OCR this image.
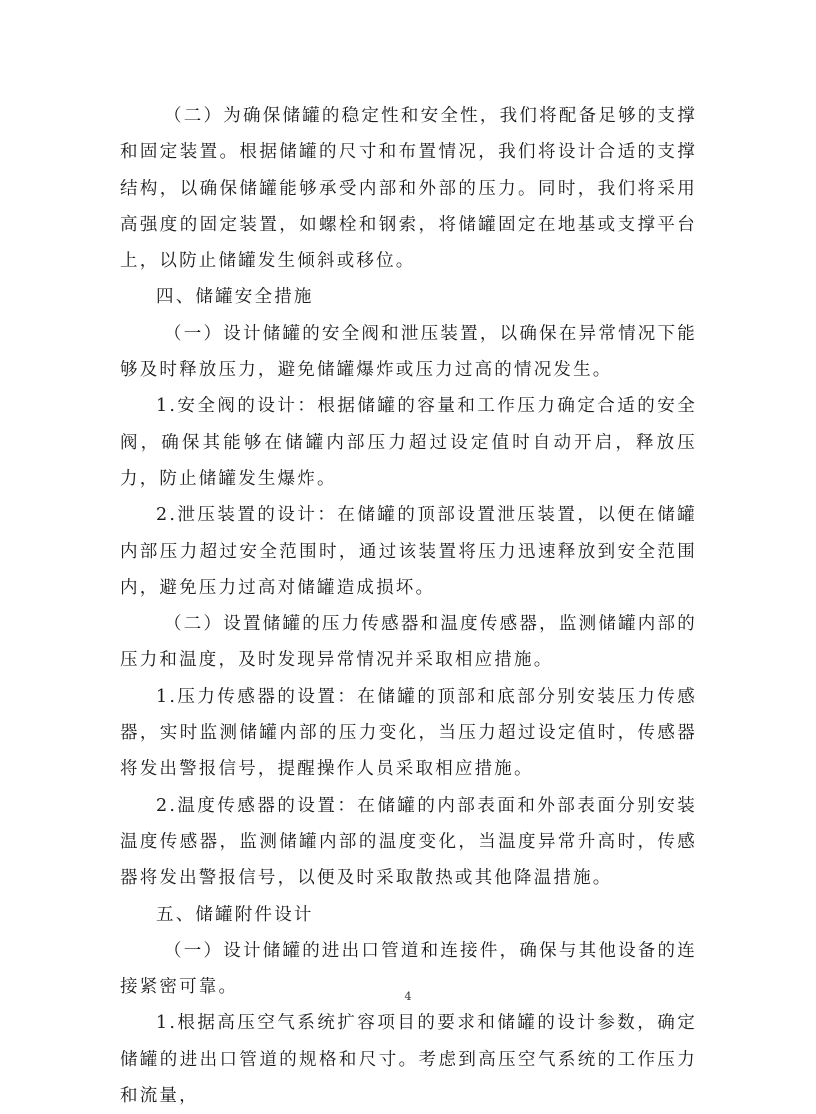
（二）为确保储罐的稳定性和安全性，我们将配备足够的支撑和固定装置。根据储罐的尺寸和布置情况，我们将设计合适的支撑结构，以确保储罐能够承受内部和外部的压力。同时，我们将采用高强度的固定装置，如螺栓和钢索，将储罐固定在地基或支撑平台上，以防止储罐发生倾斜或移位。

四、储罐安全措施

（一）设计储罐的安全阀和泄压装置，以确保在异常情况下能够及时释放压力，避免储罐爆炸或压力过高的情况发生。

1.安全阀的设计：根据储罐的容量和工作压力确定合适的安全阀，确保其能够在储罐内部压力超过设定值时自动开启，释放压力，防止储罐发生爆炸。

2.泄压装置的设计：在储罐的顶部设置泄压装置，以便在储罐内部压力超过安全范围时，通过该装置将压力迅速释放到安全范围内，避免压力过高对储罐造成损坏。

（二）设置储罐的压力传感器和温度传感器，监测储罐内部的压力和温度，及时发现异常情况并采取相应措施。

1.压力传感器的设置：在储罐的顶部和底部分别安装压力传感器，实时监测储罐内部的压力变化，当压力超过设定值时，传感器将发出警报信号，提醒操作人员采取相应措施。

2.温度传感器的设置：在储罐的内部表面和外部表面分别安装温度传感器，监测储罐内部的温度变化，当温度异常升高时，传感器将发出警报信号，以便及时采取散热或其他降温措施。

五、储罐附件设计

（一）设计储罐的进出口管道和连接件，确保与其他设备的连接紧密可靠。

1.根据高压空气系统扩容项目的要求和储罐的设计参数，确定储罐的进出口管道的规格和尺寸。考虑到高压空气系统的工作压力和流量，

4
